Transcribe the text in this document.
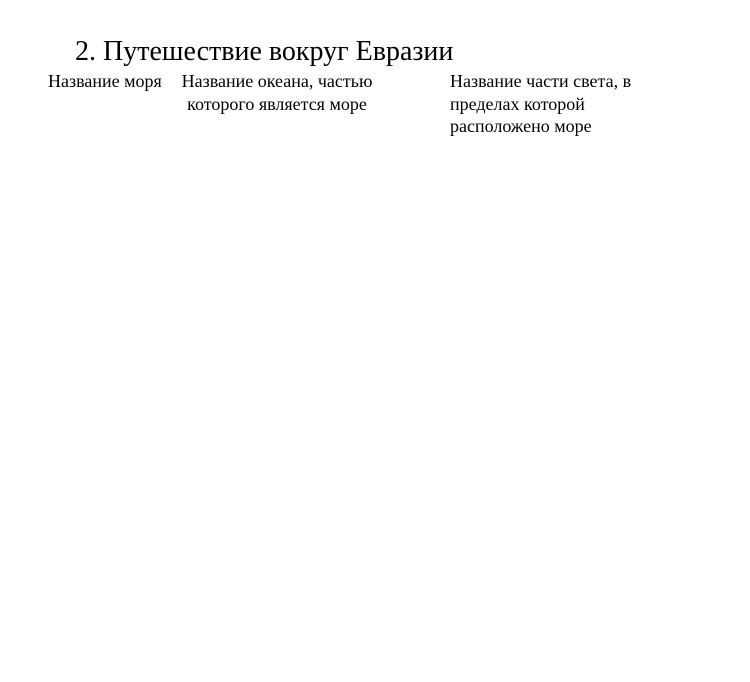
2. Путешествие вокруг Евразии

Название моря	Название океана, частью которого является море

Название части света, в пределах которой расположено море
